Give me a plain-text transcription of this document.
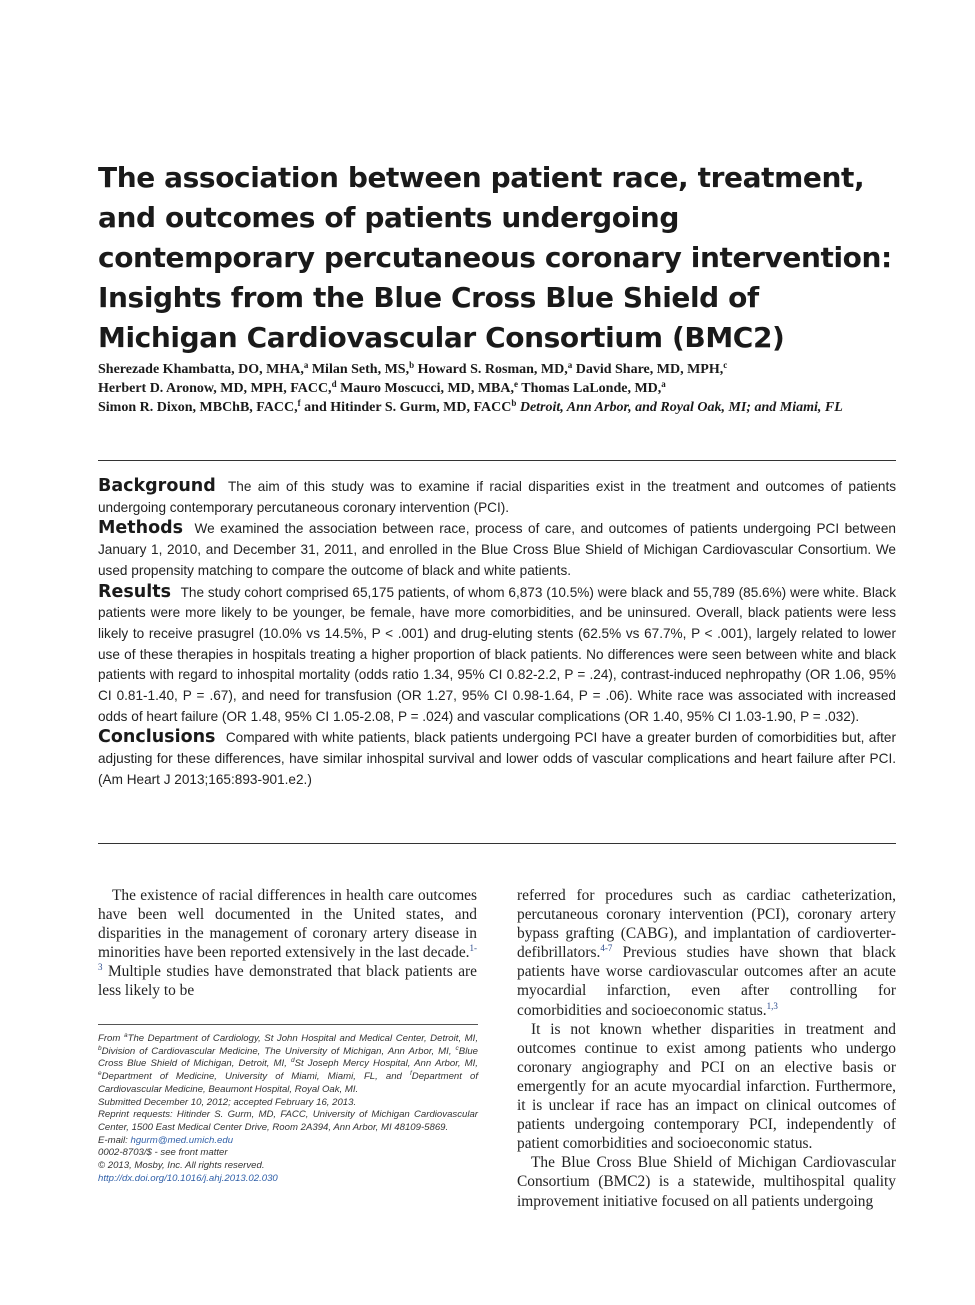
The association between patient race, treatment, and outcomes of patients undergoing contemporary percutaneous coronary intervention: Insights from the Blue Cross Blue Shield of Michigan Cardiovascular Consortium (BMC2)
Sherezade Khambatta, DO, MHA,$^a$ Milan Seth, MS,$^b$ Howard S. Rosman, MD,$^a$ David Share, MD, MPH,$^c$
Herbert D. Aronow, MD, MPH, FACC,$^d$ Mauro Moscucci, MD, MBA,$^e$ Thomas LaLonde, MD,$^a$
Simon R. Dixon, MBChB, FACC,$^f$ and Hitinder S. Gurm, MD, FACC$^b$ Detroit, Ann Arbor, and Royal Oak, MI; and Miami, FL

Background The aim of this study was to examine if racial disparities exist in the treatment and outcomes of patients undergoing contemporary percutaneous coronary intervention (PCI).

Methods We examined the association between race, process of care, and outcomes of patients undergoing PCI between January 1, 2010, and December 31, 2011, and enrolled in the Blue Cross Blue Shield of Michigan Cardiovascular Consortium. We used propensity matching to compare the outcome of black and white patients.

Results The study cohort comprised 65,175 patients, of whom 6,873 (10.5%) were black and 55,789 (85.6%) were white. Black patients were more likely to be younger, be female, have more comorbidities, and be uninsured. Overall, black patients were less likely to receive prasugrel (10.0% vs 14.5%, P < .001) and drug-eluting stents (62.5% vs 67.7%, P < .001), largely related to lower use of these therapies in hospitals treating a higher proportion of black patients. No differences were seen between white and black patients with regard to inhospital mortality (odds ratio 1.34, 95% CI 0.82-2.2, P = .24), contrast-induced nephropathy (OR 1.06, 95% CI 0.81-1.40, P = .67), and need for transfusion (OR 1.27, 95% CI 0.98-1.64, P = .06). White race was associated with increased odds of heart failure (OR 1.48, 95% CI 1.05-2.08, P = .024) and vascular complications (OR 1.40, 95% CI 1.03-1.90, P = .032).

Conclusions Compared with white patients, black patients undergoing PCI have a greater burden of comorbidities but, after adjusting for these differences, have similar inhospital survival and lower odds of vascular complications and heart failure after PCI. (Am Heart J 2013;165:893-901.e2.)

The existence of racial differences in health care outcomes have been well documented in the United states, and disparities in the management of coronary artery disease in minorities have been reported extensively in the last decade.$^{1-3}$ Multiple studies have demonstrated that black patients are less likely to be

From $^a$The Department of Cardiology, St John Hospital and Medical Center, Detroit, MI, $^b$Division of Cardiovascular Medicine, The University of Michigan, Ann Arbor, MI, $^c$Blue Cross Blue Shield of Michigan, Detroit, MI, $^d$St Joseph Mercy Hospital, Ann Arbor, MI, $^e$Department of Medicine, University of Miami, Miami, FL, and $^f$Department of Cardiovascular Medicine, Beaumont Hospital, Royal Oak, MI.

Submitted December 10, 2012; accepted February 16, 2013.

Reprint requests: Hitinder S. Gurm, MD, FACC, University of Michigan Cardiovascular Center, 1500 East Medical Center Drive, Room 2A394, Ann Arbor, MI 48109-5869.

E-mail: hgurm@med.umich.edu

0002-8703/$ - see front matter

© 2013, Mosby, Inc. All rights reserved.

http://dx.doi.org/10.1016/j.ahj.2013.02.030

referred for procedures such as cardiac catheterization, percutaneous coronary intervention (PCI), coronary artery bypass grafting (CABG), and implantation of cardioverter-defibrillators.$^{4-7}$ Previous studies have shown that black patients have worse cardiovascular outcomes after an acute myocardial infarction, even after controlling for comorbidities and socioeconomic status.$^{1,3}$

It is not known whether disparities in treatment and outcomes continue to exist among patients who undergo coronary angiography and PCI on an elective basis or emergently for an acute myocardial infarction. Furthermore, it is unclear if race has an impact on clinical outcomes of patients undergoing contemporary PCI, independently of patient comorbidities and socioeconomic status.

The Blue Cross Blue Shield of Michigan Cardiovascular Consortium (BMC2) is a statewide, multihospital quality improvement initiative focused on all patients undergoing
